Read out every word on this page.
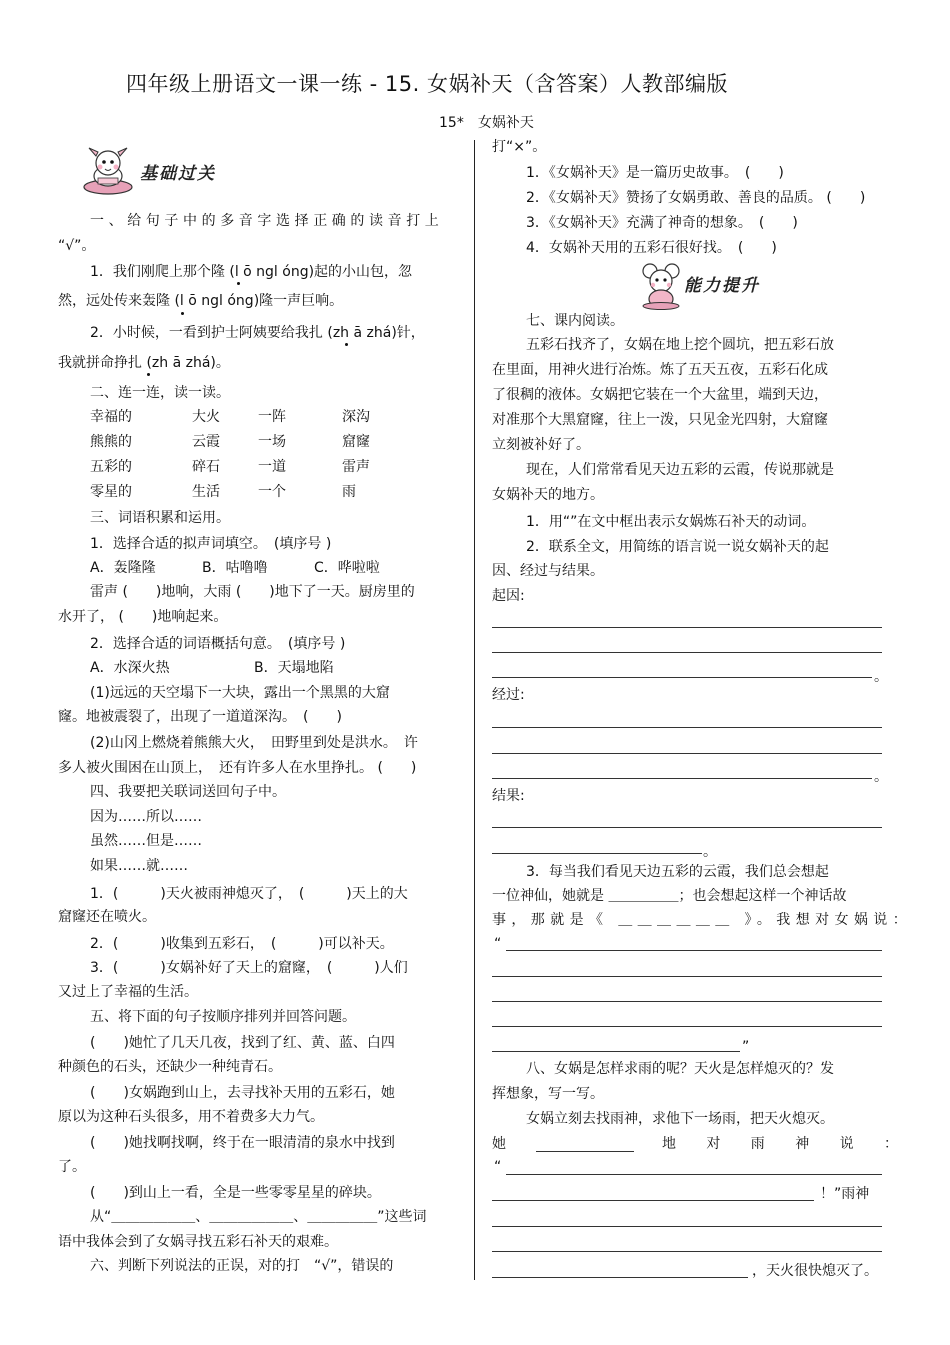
四年级上册语文一课一练 - 15. 女娲补天（含答案）人教部编版
15*　女娲补天
基础过关
能力提升
一、给句子中的多音字选择正确的读音打上
“√”。
1．我们刚爬上那个隆 (l ō ngl óng)起的小山包，忽
然，远处传来轰隆 (l ō ngl óng)隆一声巨响。
2．小时候，一看到护士阿姨要给我扎 (zh ā zhá)针，
我就拼命挣扎 (zh ā zhá)。
二、连一连，读一读。
幸福的	大火	一阵	深沟
熊熊的	云霞	一场	窟窿
五彩的	碎石	一道	雷声
零星的	生活	一个	雨
三、词语积累和运用。
1．选择合适的拟声词填空。　(填序号 )
A．轰隆隆	B．咕噜噜	C．哗啦啦
雷声 (　　)地响，大雨 (　　)地下了一天。厨房里的
水开了， (　　)地响起来。
2．选择合适的词语概括句意。　(填序号 )
A．水深火热	B．天塌地陷
(1)远远的天空塌下一大块，露出一个黑黑的大窟
窿。地被震裂了，出现了一道道深沟。　(　　)
(2)山冈上燃烧着熊熊大火，　田野里到处是洪水。　许
多人被火围困在山顶上，　还有许多人在水里挣扎。 (　　)
四、我要把关联词送回句子中。
因为……所以……
虽然……但是……
如果……就……
1．(　　　)天火被雨神熄灭了，　(　　　)天上的大
窟窿还在喷火。
2．(　　　)收集到五彩石，　(　　　)可以补天。
3．(　　　)女娲补好了天上的窟窿，　(　　　)人们
又过上了幸福的生活。
五、将下面的句子按顺序排列并回答问题。
(　　)她忙了几天几夜，找到了红、黄、蓝、白四
种颜色的石头，还缺少一种纯青石。
(　　)女娲跑到山上，去寻找补天用的五彩石，她
原以为这种石头很多，用不着费多大力气。
(　　)她找啊找啊，终于在一眼清清的泉水中找到
了。
(　　)到山上一看，全是一些零零星星的碎块。
从“＿＿＿＿＿＿、＿＿＿＿＿＿、＿＿＿＿＿”这些词
语中我体会到了女娲寻找五彩石补天的艰难。
六、判断下列说法的正误，对的打　“√”，错误的
打“×”。
1．《女娲补天》是一篇历史故事。　(　　)
2．《女娲补天》赞扬了女娲勇敢、善良的品质。 (　　)
3．《女娲补天》充满了神奇的想象。　(　　)
4．女娲补天用的五彩石很好找。　(　　)
七、课内阅读。
五彩石找齐了，女娲在地上挖个圆坑，把五彩石放
在里面，用神火进行冶炼。炼了五天五夜，五彩石化成
了很稠的液体。女娲把它装在一个大盆里，端到天边，
对准那个大黑窟窿，往上一泼，只见金光四射，大窟窿
立刻被补好了。
现在，人们常常看见天边五彩的云霞，传说那就是
女娲补天的地方。
1．用“”在文中框出表示女娲炼石补天的动词。
2．联系全文，用简练的语言说一说女娲补天的起
因、经过与结果。
起因:
。
经过:
。
结果:
。
3．每当我们看见天边五彩的云霞，我们总会想起
一位神仙，她就是 ＿＿＿＿＿；也会想起这样一个神话故
事，那就是《 ＿＿＿＿＿＿ 》。我想对女娲说：
“
”
八、女娲是怎样求雨的呢？天火是怎样熄灭的？发
挥想象，写一写。
女娲立刻去找雨神，求他下一场雨，把天火熄灭。
她	地　对　雨　神　说　：
“
！”雨神
，天火很快熄灭了。
